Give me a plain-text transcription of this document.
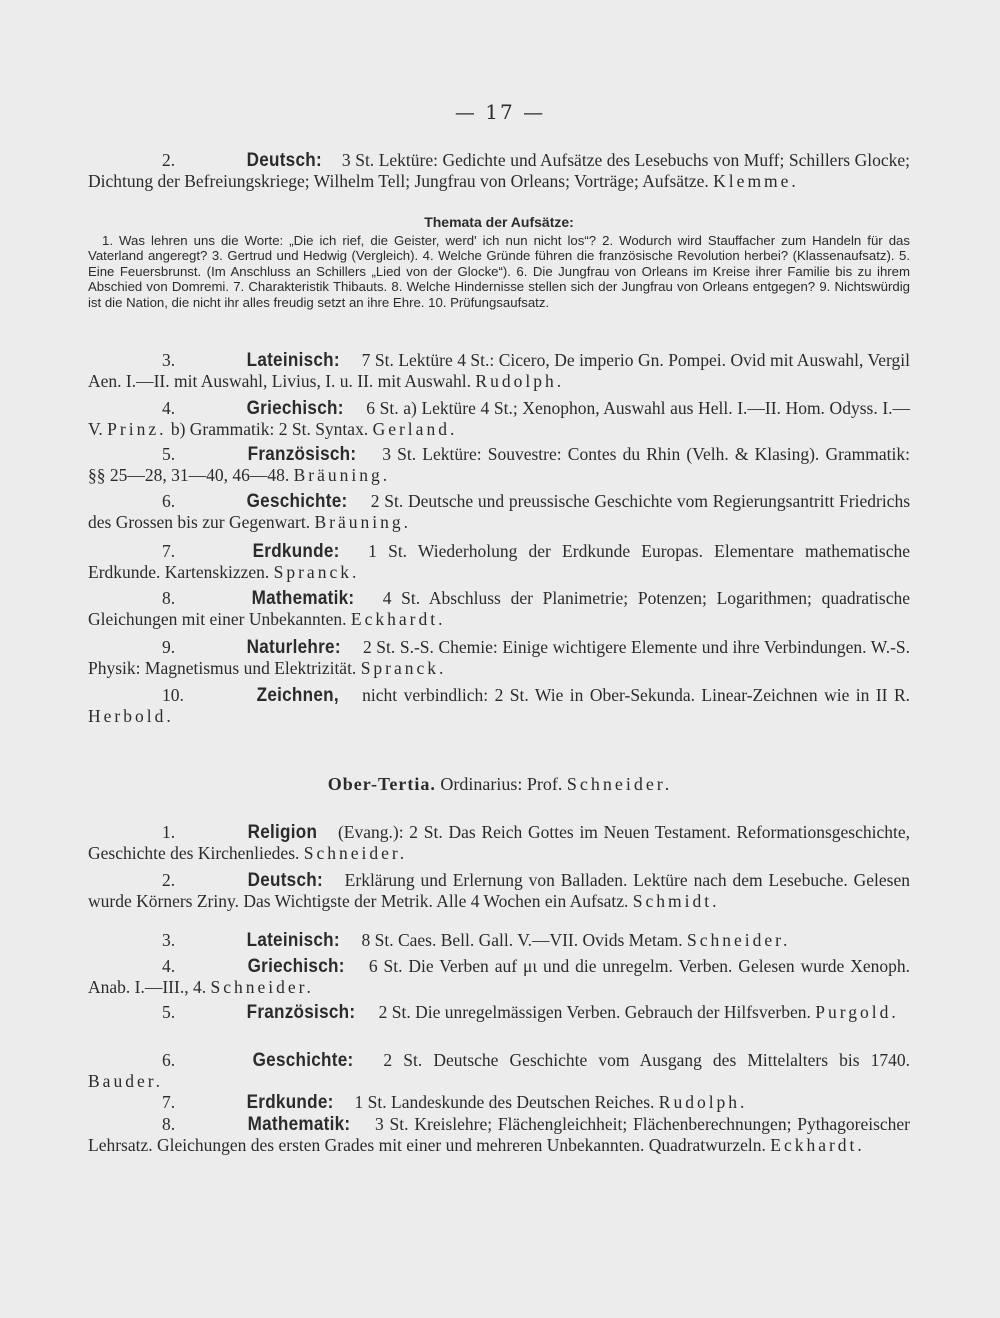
— 17 —

2.	Deutsch: 3 St. Lektüre: Gedichte und Aufsätze des Lesebuchs von Muff; Schillers Glocke; Dichtung der Befreiungskriege; Wilhelm Tell; Jungfrau von Orleans; Vorträge; Aufsätze. Klemme.

Themata der Aufsätze:

1. Was lehren uns die Worte: „Die ich rief, die Geister, werd' ich nun nicht los“? 2. Wodurch wird Stauffacher zum Handeln für das Vaterland angeregt? 3. Gertrud und Hedwig (Vergleich). 4. Welche Gründe führen die französische Revolution herbei? (Klassenaufsatz). 5. Eine Feuersbrunst. (Im Anschluss an Schillers „Lied von der Glocke“). 6. Die Jungfrau von Orleans im Kreise ihrer Familie bis zu ihrem Abschied von Domremi. 7. Charakteristik Thibauts. 8. Welche Hindernisse stellen sich der Jungfrau von Orleans entgegen? 9. Nichtswürdig ist die Nation, die nicht ihr alles freudig setzt an ihre Ehre. 10. Prüfungsaufsatz.

3.	Lateinisch: 7 St. Lektüre 4 St.: Cicero, De imperio Gn. Pompei. Ovid mit Auswahl, Vergil Aen. I.—II. mit Auswahl, Livius, I. u. II. mit Auswahl. Rudolph.

4.	Griechisch: 6 St. a) Lektüre 4 St.; Xenophon, Auswahl aus Hell. I.—II. Hom. Odyss. I.—V. Prinz. b) Grammatik: 2 St. Syntax. Gerland.

5.	Französisch: 3 St. Lektüre: Souvestre: Contes du Rhin (Velh. & Klasing). Grammatik: §§ 25—28, 31—40, 46—48. Bräuning.

6.	Geschichte: 2 St. Deutsche und preussische Geschichte vom Regierungsantritt Friedrichs des Grossen bis zur Gegenwart. Bräuning.

7.	Erdkunde: 1 St. Wiederholung der Erdkunde Europas. Elementare mathematische Erdkunde. Kartenskizzen. Spranck.

8.	Mathematik: 4 St. Abschluss der Planimetrie; Potenzen; Logarithmen; quadratische Gleichungen mit einer Unbekannten. Eckhardt.

9.	Naturlehre: 2 St. S.-S. Chemie: Einige wichtigere Elemente und ihre Verbindungen. W.-S. Physik: Magnetismus und Elektrizität. Spranck.

10.	Zeichnen, nicht verbindlich: 2 St. Wie in Ober-Sekunda. Linear-Zeichnen wie in II R. Herbold.

Ober-Tertia. Ordinarius: Prof. Schneider.

1.	Religion (Evang.): 2 St. Das Reich Gottes im Neuen Testament. Reformationsgeschichte, Geschichte des Kirchenliedes. Schneider.

2.	Deutsch: Erklärung und Erlernung von Balladen. Lektüre nach dem Lesebuche. Gelesen wurde Körners Zriny. Das Wichtigste der Metrik. Alle 4 Wochen ein Aufsatz. Schmidt.

3.	Lateinisch: 8 St. Caes. Bell. Gall. V.—VII. Ovids Metam. Schneider.

4.	Griechisch: 6 St. Die Verben auf μι und die unregelm. Verben. Gelesen wurde Xenoph. Anab. I.—III., 4. Schneider.

5.	Französisch: 2 St. Die unregelmässigen Verben. Gebrauch der Hilfsverben. Purgold.

6.	Geschichte: 2 St. Deutsche Geschichte vom Ausgang des Mittelalters bis 1740. Bauder.

7.	Erdkunde: 1 St. Landeskunde des Deutschen Reiches. Rudolph.

8.	Mathematik: 3 St. Kreislehre; Flächengleichheit; Flächenberechnungen; Pythagoreischer Lehrsatz. Gleichungen des ersten Grades mit einer und mehreren Unbekannten. Quadratwurzeln. Eckhardt.
